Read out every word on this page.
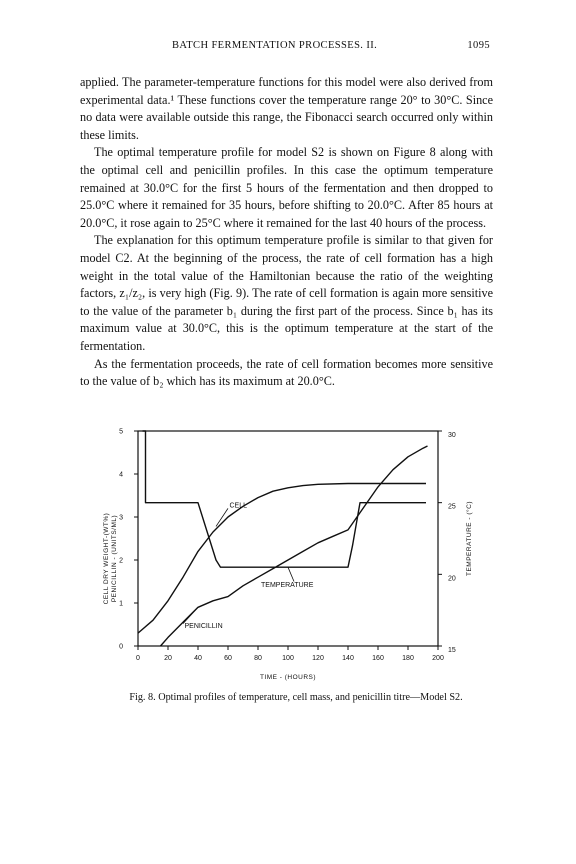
BATCH FERMENTATION PROCESSES. II.	1095

applied. The parameter-temperature functions for this model were also derived from experimental data.¹ These functions cover the temperature range 20° to 30°C. Since no data were available outside this range, the Fibonacci search occurred only within these limits.

The optimal temperature profile for model S2 is shown on Figure 8 along with the optimal cell and penicillin profiles. In this case the optimum temperature remained at 30.0°C for the first 5 hours of the fermentation and then dropped to 25.0°C where it remained for 35 hours, before shifting to 20.0°C. After 85 hours at 20.0°C, it rose again to 25°C where it remained for the last 40 hours of the process.

The explanation for this optimum temperature profile is similar to that given for model C2. At the beginning of the process, the rate of cell formation has a high weight in the total value of the Hamiltonian because the ratio of the weighting factors, z₁/z₂, is very high (Fig. 9). The rate of cell formation is again more sensitive to the value of the parameter b₁ during the first part of the process. Since b₁ has its maximum value at 30.0°C, this is the optimum temperature at the start of the fermentation.

As the fermentation proceeds, the rate of cell formation becomes more sensitive to the value of b₂ which has its maximum at 20.0°C.

0	20	40	60	80	100	120	140	160	180	200
0
1
2
3
4
5
15
20
25
30
TIME - (HOURS)
CELL DRY WEIGHT-(WT%) PENICILLIN - (UNITS/ML)	TEMPERATURE - (°C)
CELL
TEMPERATURE
PENICILLIN
Fig. 8. Optimal profiles of temperature, cell mass, and penicillin titre—Model S2.
